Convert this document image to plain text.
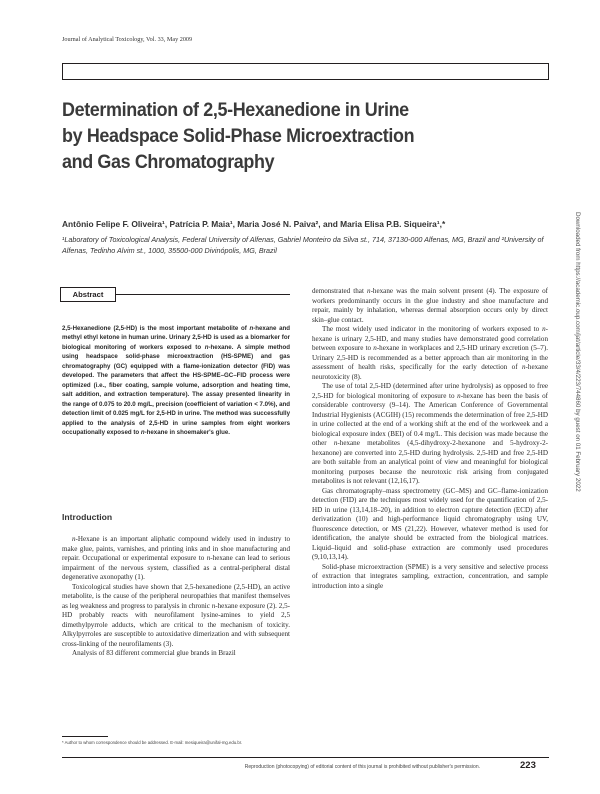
Journal of Analytical Toxicology, Vol. 33, May 2009
Determination of 2,5-Hexanedione in Urine
by Headspace Solid-Phase Microextraction
and Gas Chromatography
Antônio Felipe F. Oliveira¹, Patrícia P. Maia¹, Maria José N. Paiva², and Maria Elisa P.B. Siqueira¹,*
¹Laboratory of Toxicological Analysis, Federal University of Alfenas, Gabriel Monteiro da Silva st., 714, 37130-000 Alfenas, MG, Brazil and ²University of Alfenas, Tedinho Alvim st., 1000, 35500-000 Divinópolis, MG, Brazil
Abstract

2,5-Hexanedione (2,5-HD) is the most important metabolite of n-hexane and methyl ethyl ketone in human urine. Urinary 2,5-HD is used as a biomarker for biological monitoring of workers exposed to n-hexane. A simple method using headspace solid-phase microextraction (HS-SPME) and gas chromatography (GC) equipped with a flame-ionization detector (FID) was developed. The parameters that affect the HS-SPME–GC–FID process were optimized (i.e., fiber coating, sample volume, adsorption and heating time, salt addition, and extraction temperature). The assay presented linearity in the range of 0.075 to 20.0 mg/L, precision (coefficient of variation < 7.0%), and detection limit of 0.025 mg/L for 2,5-HD in urine. The method was successfully applied to the analysis of 2,5-HD in urine samples from eight workers occupationally exposed to n-hexane in shoemaker's glue.

Introduction

n-Hexane is an important aliphatic compound widely used in industry to make glue, paints, varnishes, and printing inks and in shoe manufacturing and repair. Occupational or experimental exposure to n-hexane can lead to serious impairment of the nervous system, classified as a central-peripheral distal degenerative axonopathy (1).

Toxicological studies have shown that 2,5-hexanedione (2,5-HD), an active metabolite, is the cause of the peripheral neuropathies that manifest themselves as leg weakness and progress to paralysis in chronic n-hexane exposure (2). 2,5-HD probably reacts with neurofilament lysine-amines to yield 2,5 dimethylpyrrole adducts, which are critical to the mechanism of toxicity. Alkylpyrroles are susceptible to autoxidative dimerization and with subsequent cross-linking of the neurofilaments (3).

Analysis of 83 different commercial glue brands in Brazil

demonstrated that n-hexane was the main solvent present (4). The exposure of workers predominantly occurs in the glue industry and shoe manufacture and repair, mainly by inhalation, whereas dermal absorption occurs only by direct skin–glue contact.

The most widely used indicator in the monitoring of workers exposed to n-hexane is urinary 2,5-HD, and many studies have demonstrated good correlation between exposure to n-hexane in workplaces and 2,5-HD urinary excretion (5–7). Urinary 2,5-HD is recommended as a better approach than air monitoring in the assessment of health risks, specifically for the early detection of n-hexane neurotoxicity (8).

The use of total 2,5-HD (determined after urine hydrolysis) as opposed to free 2,5-HD for biological monitoring of exposure to n-hexane has been the basis of considerable controversy (9–14). The American Conference of Governmental Industrial Hygienists (ACGIH) (15) recommends the determination of free 2,5-HD in urine collected at the end of a working shift at the end of the workweek and a biological exposure index (BEI) of 0.4 mg/L. This decision was made because the other n-hexane metabolites (4,5-dihydroxy-2-hexanone and 5-hydroxy-2-hexanone) are converted into 2,5-HD during hydrolysis. 2,5-HD and free 2,5-HD are both suitable from an analytical point of view and meaningful for biological monitoring purposes because the neurotoxic risk arising from conjugated metabolites is not relevant (12,16,17).

Gas chromatography–mass spectrometry (GC–MS) and GC–flame-ionization detection (FID) are the techniques most widely used for the quantification of 2,5-HD in urine (13,14,18–20), in addition to electron capture detection (ECD) after derivatization (10) and high-performance liquid chromatography using UV, fluorescence detection, or MS (21,22). However, whatever method is used for identification, the analyte should be extracted from the biological matrices. Liquid–liquid and solid-phase extraction are commonly used procedures (9,10,13,14).

Solid-phase microextraction (SPME) is a very sensitive and selective process of extraction that integrates sampling, extraction, concentration, and sample introduction into a single

* Author to whom correspondence should be addressed. E-mail: mesiqueira@unifal-mg.edu.br.
Reproduction (photocopying) of editorial content of this journal is prohibited without publisher's permission.	223
Downloaded from https://academic.oup.com/jat/article/33/4/223/744860 by guest on 01 February 2022
